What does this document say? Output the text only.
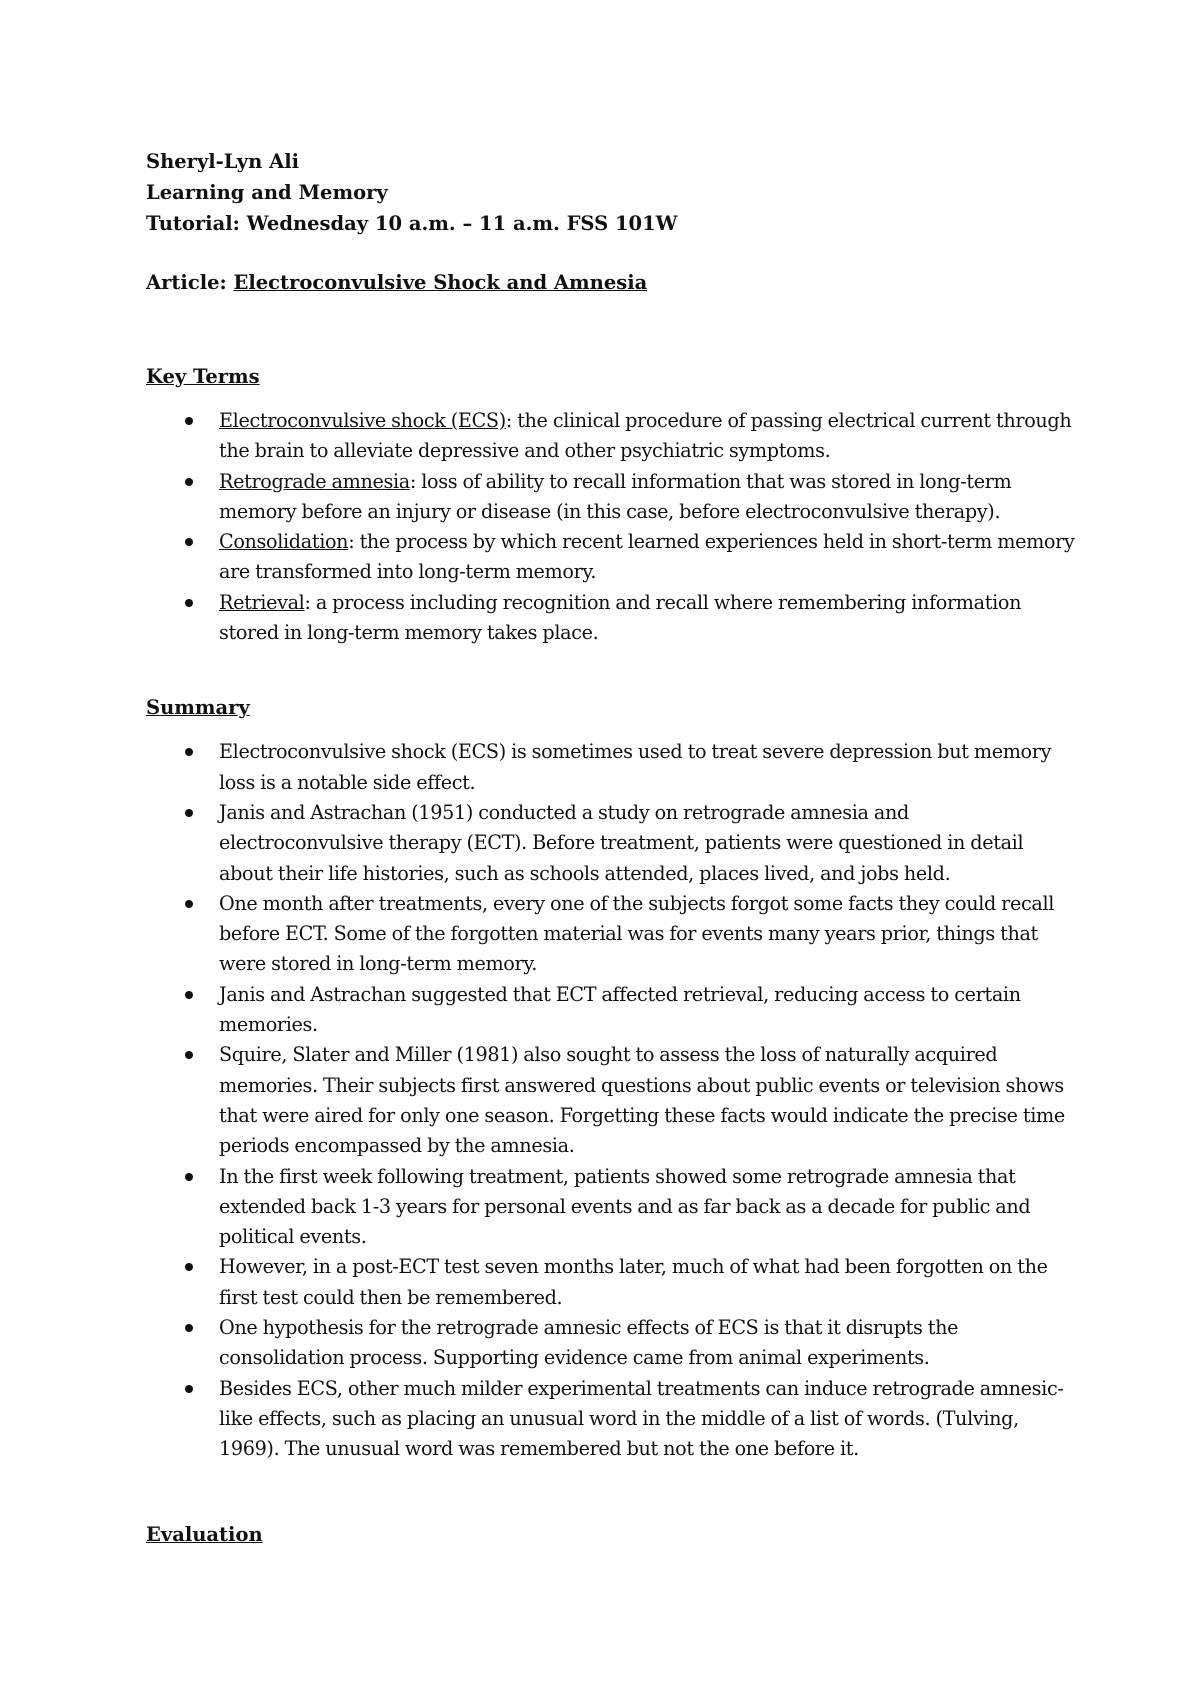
Sheryl-Lyn Ali
Learning and Memory
Tutorial: Wednesday 10 a.m. – 11 a.m. FSS 101W
Article: Electroconvulsive Shock and Amnesia
Key Terms
Electroconvulsive shock (ECS): the clinical procedure of passing electrical current through the brain to alleviate depressive and other psychiatric symptoms.
Retrograde amnesia: loss of ability to recall information that was stored in long-term memory before an injury or disease (in this case, before electroconvulsive therapy).
Consolidation: the process by which recent learned experiences held in short-term memory are transformed into long-term memory.
Retrieval: a process including recognition and recall where remembering information stored in long-term memory takes place.
Summary
Electroconvulsive shock (ECS) is sometimes used to treat severe depression but memory loss is a notable side effect.
Janis and Astrachan (1951) conducted a study on retrograde amnesia and electroconvulsive therapy (ECT). Before treatment, patients were questioned in detail about their life histories, such as schools attended, places lived, and jobs held.
One month after treatments, every one of the subjects forgot some facts they could recall before ECT. Some of the forgotten material was for events many years prior, things that were stored in long-term memory.
Janis and Astrachan suggested that ECT affected retrieval, reducing access to certain memories.
Squire, Slater and Miller (1981) also sought to assess the loss of naturally acquired memories. Their subjects first answered questions about public events or television shows that were aired for only one season. Forgetting these facts would indicate the precise time periods encompassed by the amnesia.
In the first week following treatment, patients showed some retrograde amnesia that extended back 1-3 years for personal events and as far back as a decade for public and political events.
However, in a post-ECT test seven months later, much of what had been forgotten on the first test could then be remembered.
One hypothesis for the retrograde amnesic effects of ECS is that it disrupts the consolidation process. Supporting evidence came from animal experiments.
Besides ECS, other much milder experimental treatments can induce retrograde amnesic-like effects, such as placing an unusual word in the middle of a list of words. (Tulving, 1969). The unusual word was remembered but not the one before it.
Evaluation
